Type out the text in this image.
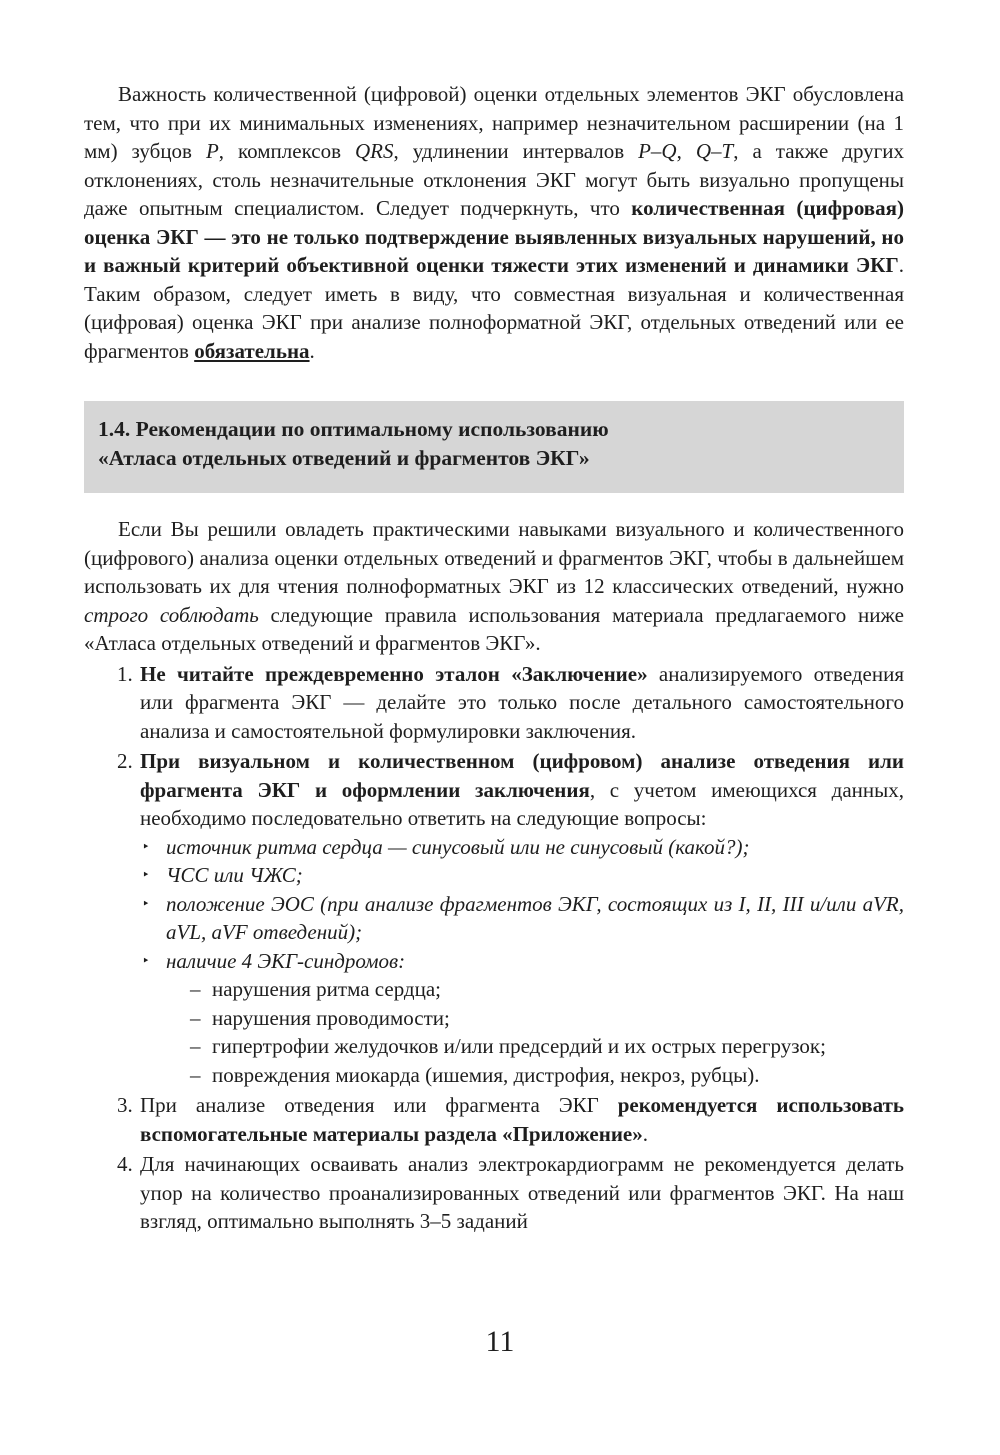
Важность количественной (цифровой) оценки отдельных элементов ЭКГ обусловлена тем, что при их минимальных изменениях, например незначительном расширении (на 1 мм) зубцов P, комплексов QRS, удлинении интервалов P–Q, Q–T, а также других отклонениях, столь незначительные отклонения ЭКГ могут быть визуально пропущены даже опытным специалистом. Следует подчеркнуть, что количественная (цифровая) оценка ЭКГ — это не только подтверждение выявленных визуальных нарушений, но и важный критерий объективной оценки тяжести этих изменений и динамики ЭКГ. Таким образом, следует иметь в виду, что совместная визуальная и количественная (цифровая) оценка ЭКГ при анализе полноформатной ЭКГ, отдельных отведений или ее фрагментов обязательна.

1.4. Рекомендации по оптимальному использованию
«Атласа отдельных отведений и фрагментов ЭКГ»

Если Вы решили овладеть практическими навыками визуального и количественного (цифрового) анализа оценки отдельных отведений и фрагментов ЭКГ, чтобы в дальнейшем использовать их для чтения полноформатных ЭКГ из 12 классических отведений, нужно строго соблюдать следующие правила использования материала предлагаемого ниже «Атласа отдельных отведений и фрагментов ЭКГ».

1. Не читайте преждевременно эталон «Заключение» анализируемого отведения или фрагмента ЭКГ — делайте это только после детального самостоятельного анализа и самостоятельной формулировки заключения.
2. При визуальном и количественном (цифровом) анализе отведения или фрагмента ЭКГ и оформлении заключения, с учетом имеющихся данных, необходимо последовательно ответить на следующие вопросы:
‣ источник ритма сердца — синусовый или не синусовый (какой?);
‣ ЧСС или ЧЖС;
‣ положение ЭОС (при анализе фрагментов ЭКГ, состоящих из I, II, III и/или aVR, aVL, aVF отведений);
‣ наличие 4 ЭКГ-синдромов:
– нарушения ритма сердца;
– нарушения проводимости;
– гипертрофии желудочков и/или предсердий и их острых перегрузок;
– повреждения миокарда (ишемия, дистрофия, некроз, рубцы).
3. При анализе отведения или фрагмента ЭКГ рекомендуется использовать вспомогательные материалы раздела «Приложение».
4. Для начинающих осваивать анализ электрокардиограмм не рекомендуется делать упор на количество проанализированных отведений или фрагментов ЭКГ. На наш взгляд, оптимально выполнять 3–5 заданий
11
